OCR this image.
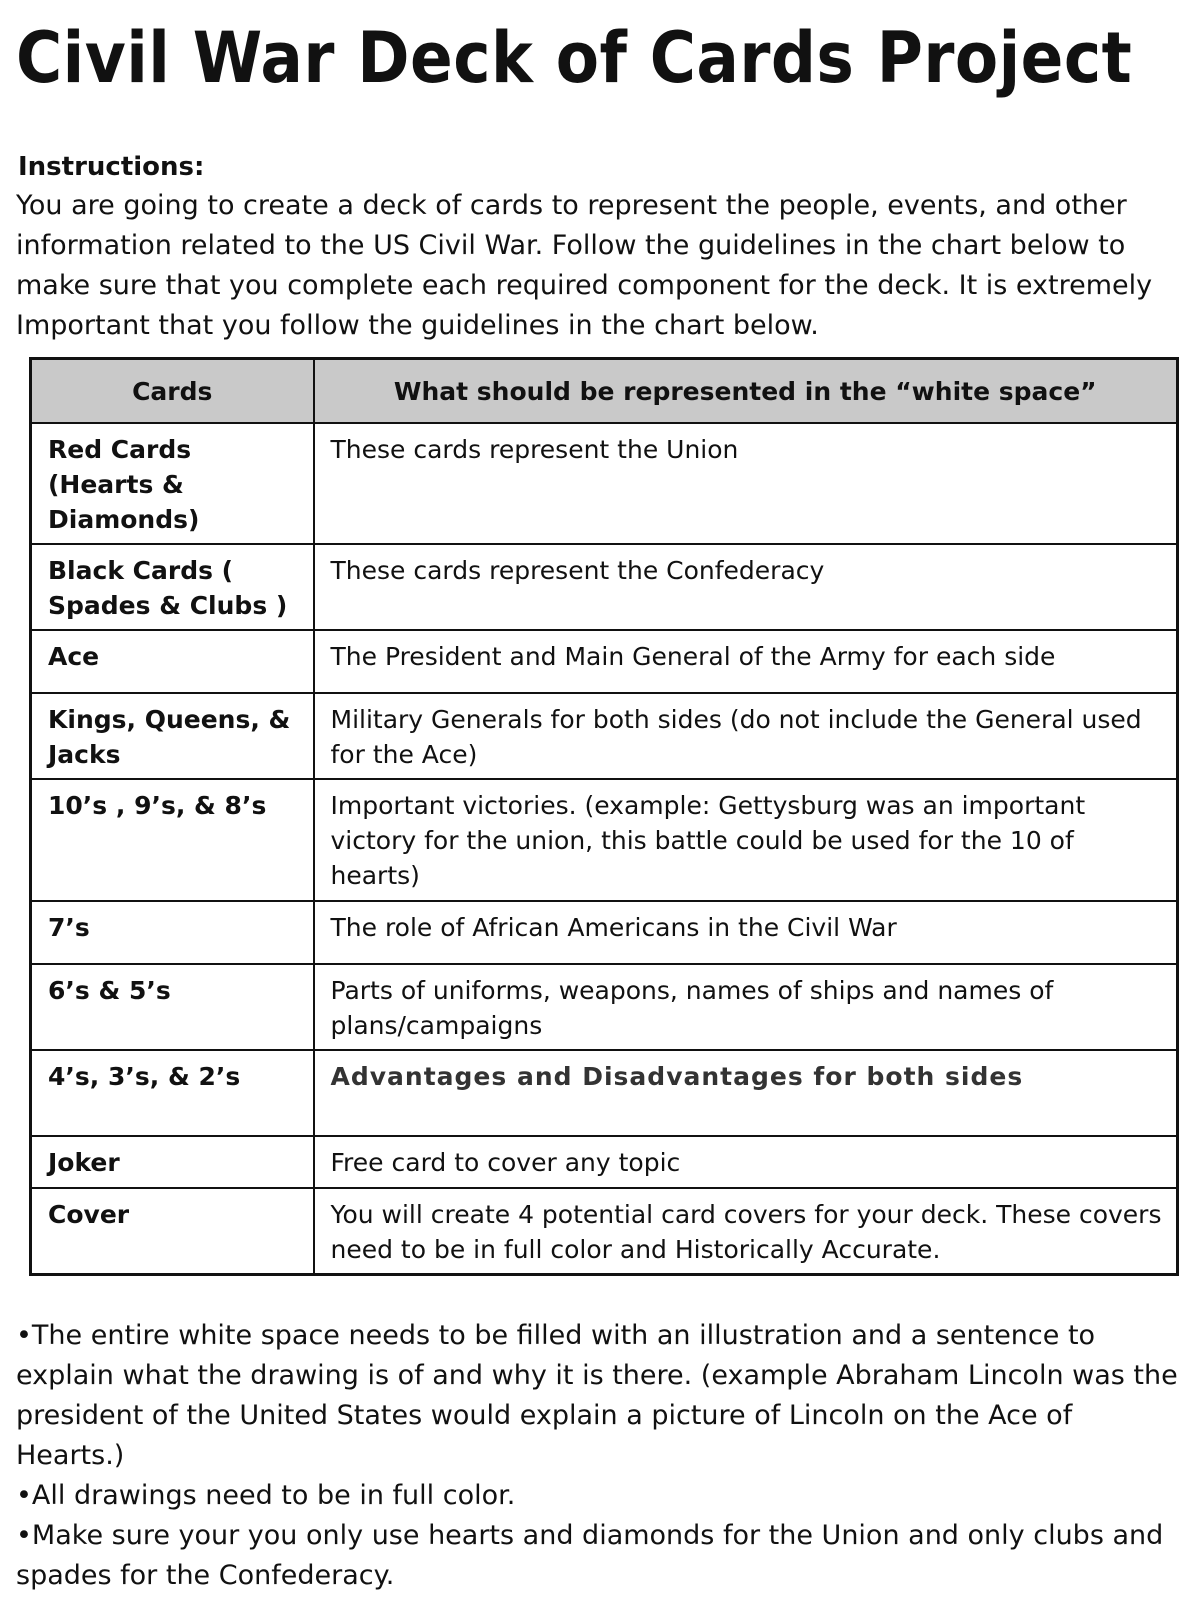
Civil War Deck of Cards Project

Instructions:

You are going to create a deck of cards to represent the people, events, and other information related to the US Civil War. Follow the guidelines in the chart below to make sure that you complete each required component for the deck. It is extremely Important that you follow the guidelines in the chart below.

Cards	What should be represented in the “white space”
Red Cards (Hearts & Diamonds)	These cards represent the Union
Black Cards ( Spades & Clubs )	These cards represent the Confederacy
Ace	The President and Main General of the Army for each side
Kings, Queens, & Jacks	Military Generals for both sides (do not include the General used for the Ace)
10’s , 9’s, & 8’s	Important victories. (example: Gettysburg was an important victory for the union, this battle could be used for the 10 of hearts)
7’s	The role of African Americans in the Civil War
6’s & 5’s	Parts of uniforms, weapons, names of ships and names of plans/campaigns
4’s, 3’s, & 2’s	Advantages and Disadvantages for both sides
Joker	Free card to cover any topic
Cover	You will create 4 potential card covers for your deck. These covers need to be in full color and Historically Accurate.
•The entire white space needs to be filled with an illustration and a sentence to explain what the drawing is of and why it is there. (example Abraham Lincoln was the president of the United States would explain a picture of Lincoln on the Ace of Hearts.)
•All drawings need to be in full color.
•Make sure your you only use hearts and diamonds for the Union and only clubs and spades for the Confederacy.
